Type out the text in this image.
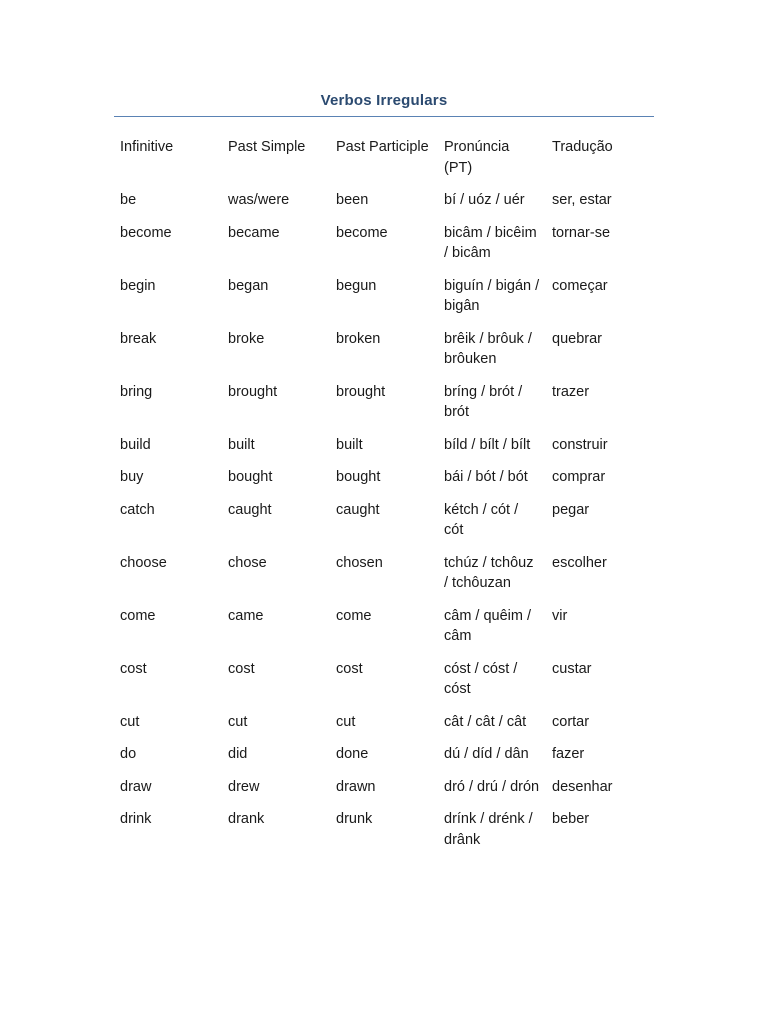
Verbos Irregulars
Infinitive	Past Simple	Past Participle	Pronúncia (PT)	Tradução
be	was/were	been	bí / uóz / uér	ser, estar
become	became	become	bicâm / bicêim / bicâm	tornar-se
begin	began	begun	biguín / bigán / bigân	começar
break	broke	broken	brêik / brôuk / brôuken	quebrar
bring	brought	brought	bríng / brót / brót	trazer
build	built	built	bíld / bílt / bílt	construir
buy	bought	bought	bái / bót / bót	comprar
catch	caught	caught	kétch / cót / cót	pegar
choose	chose	chosen	tchúz / tchôuz / tchôuzan	escolher
come	came	come	câm / quêim / câm	vir
cost	cost	cost	cóst / cóst / cóst	custar
cut	cut	cut	cât / cât / cât	cortar
do	did	done	dú / díd / dân	fazer
draw	drew	drawn	dró / drú / drón	desenhar
drink	drank	drunk	drínk / drénk / drânk	beber
